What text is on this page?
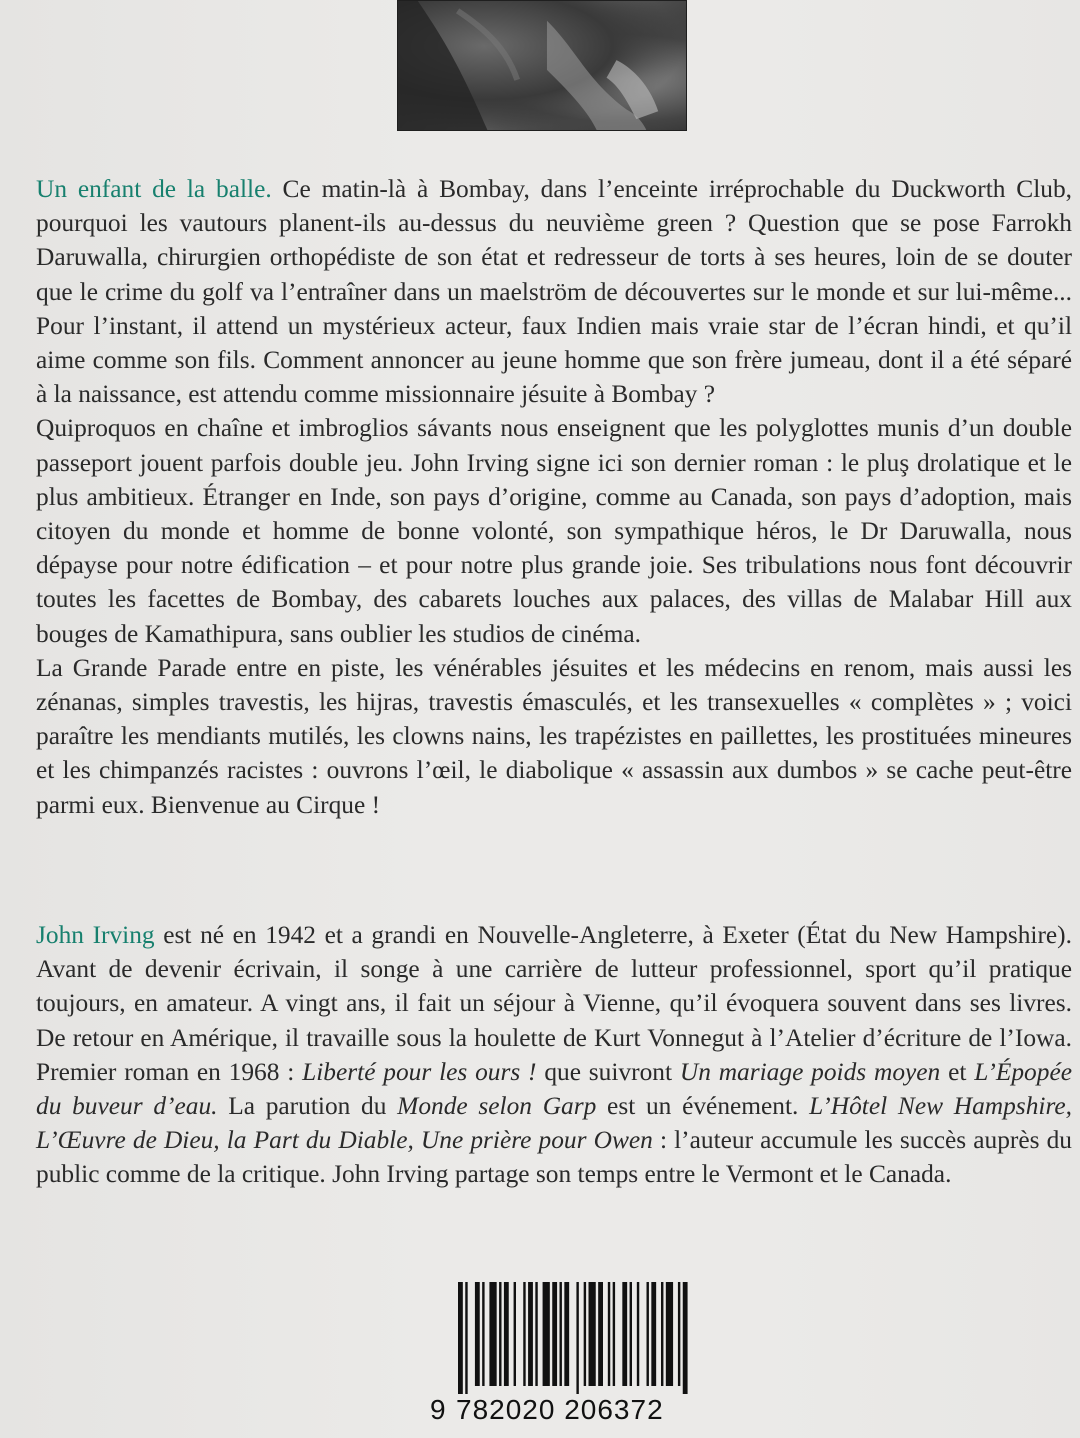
Un enfant de la balle. Ce matin-là à Bombay, dans l’enceinte irréprochable du Duckworth Club, pourquoi les vautours planent-ils au-dessus du neuvième green ? Question que se pose Farrokh Daruwalla, chirurgien orthopédiste de son état et redresseur de torts à ses heures, loin de se douter que le crime du golf va l’entraîner dans un maelström de découvertes sur le monde et sur lui-même... Pour l’instant, il attend un mystérieux acteur, faux Indien mais vraie star de l’écran hindi, et qu’il aime comme son fils. Comment annoncer au jeune homme que son frère jumeau, dont il a été séparé à la naissance, est attendu comme missionnaire jésuite à Bombay ?

Quiproquos en chaîne et imbroglios sávants nous enseignent que les polyglottes munis d’un double passeport jouent parfois double jeu. John Irving signe ici son dernier roman : le pluş drolatique et le plus ambitieux. Étranger en Inde, son pays d’origine, comme au Canada, son pays d’adoption, mais citoyen du monde et homme de bonne volonté, son sympathique héros, le Dr Daruwalla, nous dépayse pour notre édification – et pour notre plus grande joie. Ses tribulations nous font découvrir toutes les facettes de Bombay, des cabarets louches aux palaces, des villas de Malabar Hill aux bouges de Kamathipura, sans oublier les studios de cinéma.

La Grande Parade entre en piste, les vénérables jésuites et les médecins en renom, mais aussi les zénanas, simples travestis, les hijras, travestis émasculés, et les transexuelles « complètes » ; voici paraître les mendiants mutilés, les clowns nains, les trapézistes en paillettes, les prostituées mineures et les chimpanzés racistes : ouvrons l’œil, le diabolique « assassin aux dumbos » se cache peut-être parmi eux. Bienvenue au Cirque !

John Irving est né en 1942 et a grandi en Nouvelle-Angleterre, à Exeter (État du New Hampshire). Avant de devenir écrivain, il songe à une carrière de lutteur professionnel, sport qu’il pratique toujours, en amateur. A vingt ans, il fait un séjour à Vienne, qu’il évoquera souvent dans ses livres. De retour en Amérique, il travaille sous la houlette de Kurt Vonnegut à l’Atelier d’écriture de l’Iowa. Premier roman en 1968 : Liberté pour les ours ! que suivront Un mariage poids moyen et L’Épopée du buveur d’eau. La parution du Monde selon Garp est un événement. L’Hôtel New Hampshire, L’Œuvre de Dieu, la Part du Diable, Une prière pour Owen : l’auteur accumule les succès auprès du public comme de la critique. John Irving partage son temps entre le Vermont et le Canada.

9 782020 206372
